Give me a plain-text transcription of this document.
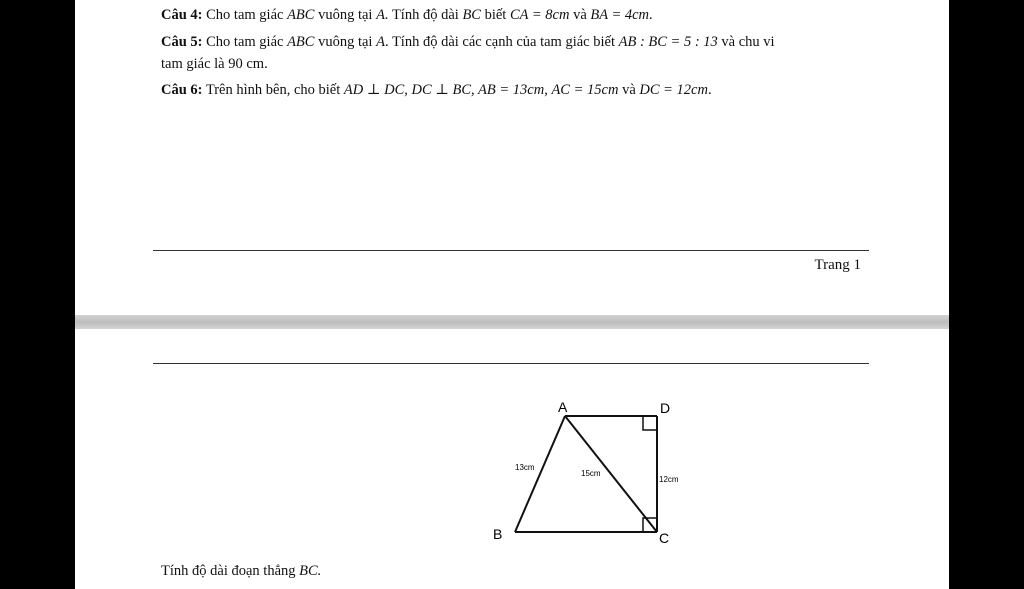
Câu 4: Cho tam giác ABC vuông tại A. Tính độ dài BC biết CA = 8cm và BA = 4cm.
Câu 5: Cho tam giác ABC vuông tại A. Tính độ dài các cạnh của tam giác biết AB : BC = 5 : 13 và chu vi
tam giác là 90 cm.
Câu 6: Trên hình bên, cho biết AD ⊥ DC, DC ⊥ BC, AB = 13cm, AC = 15cm và DC = 12cm.
Trang 1
A	D
B	C
13cm
15cm
12cm
Tính độ dài đoạn thẳng BC.
